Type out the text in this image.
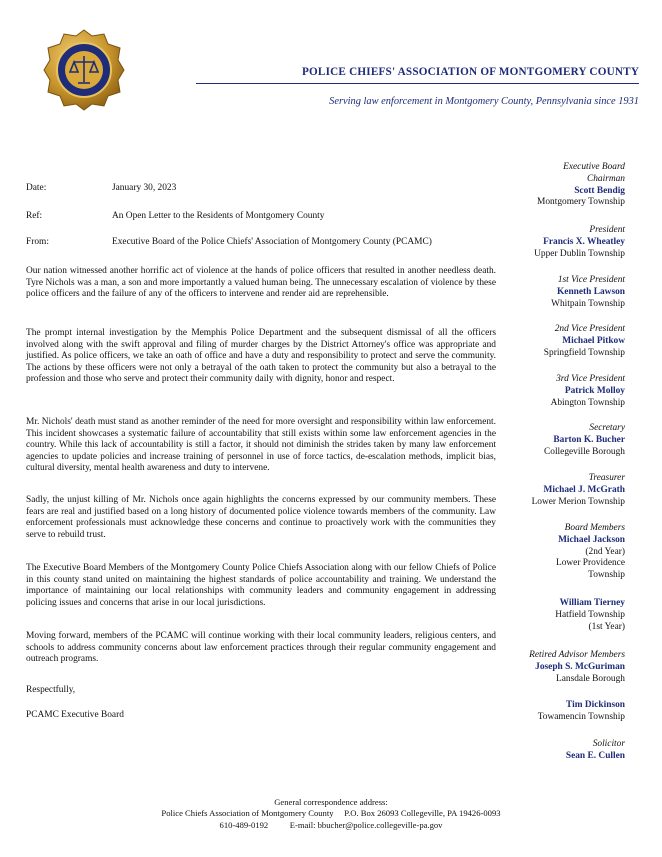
POLICE CHIEFS' ASSOCIATION OF MONTGOMERY COUNTY
Serving law enforcement in Montgomery County, Pennsylvania since 1931
Date:	January 30, 2023
Ref:	An Open Letter to the Residents of Montgomery County
From:	Executive Board of the Police Chiefs' Association of Montgomery County (PCAMC)

Our nation witnessed another horrific act of violence at the hands of police officers that resulted in another needless death. Tyre Nichols was a man, a son and more importantly a valued human being. The unnecessary escalation of violence by these police officers and the failure of any of the officers to intervene and render aid are reprehensible.

The prompt internal investigation by the Memphis Police Department and the subsequent dismissal of all the officers involved along with the swift approval and filing of murder charges by the District Attorney's office was appropriate and justified. As police officers, we take an oath of office and have a duty and responsibility to protect and serve the community. The actions by these officers were not only a betrayal of the oath taken to protect the community but also a betrayal to the profession and those who serve and protect their community daily with dignity, honor and respect.

Mr. Nichols' death must stand as another reminder of the need for more oversight and responsibility within law enforcement. This incident showcases a systematic failure of accountability that still exists within some law enforcement agencies in the country. While this lack of accountability is still a factor, it should not diminish the strides taken by many law enforcement agencies to update policies and increase training of personnel in use of force tactics, de-escalation methods, implicit bias, cultural diversity, mental health awareness and duty to intervene.

Sadly, the unjust killing of Mr. Nichols once again highlights the concerns expressed by our community members. These fears are real and justified based on a long history of documented police violence towards members of the community. Law enforcement professionals must acknowledge these concerns and continue to proactively work with the communities they serve to rebuild trust.

The Executive Board Members of the Montgomery County Police Chiefs Association along with our fellow Chiefs of Police in this county stand united on maintaining the highest standards of police accountability and training. We understand the importance of maintaining our local relationships with community leaders and community engagement in addressing policing issues and concerns that arise in our local jurisdictions.

Moving forward, members of the PCAMC will continue working with their local community leaders, religious centers, and schools to address community concerns about law enforcement practices through their regular community engagement and outreach programs.

Respectfully,
PCAMC Executive Board
Executive Board
Chairman
Scott Bendig
Montgomery Township
President
Francis X. Wheatley
Upper Dublin Township
1st Vice President
Kenneth Lawson
Whitpain Township
2nd Vice President
Michael Pitkow
Springfield Township
3rd Vice President
Patrick Molloy
Abington Township
Secretary
Barton K. Bucher
Collegeville Borough
Treasurer
Michael J. McGrath
Lower Merion Township
Board Members
Michael Jackson
(2nd Year)
Lower Providence
Township
William Tierney
Hatfield Township
(1st Year)
Retired Advisor Members
Joseph S. McGuriman
Lansdale Borough
Tim Dickinson
Towamencin Township
Solicitor
Sean E. Cullen
General correspondence address:
Police Chiefs Association of Montgomery County     P.O. Box 26093 Collegeville, PA 19426-0093
610-489-0192          E-mail: bbucher@police.collegeville-pa.gov
